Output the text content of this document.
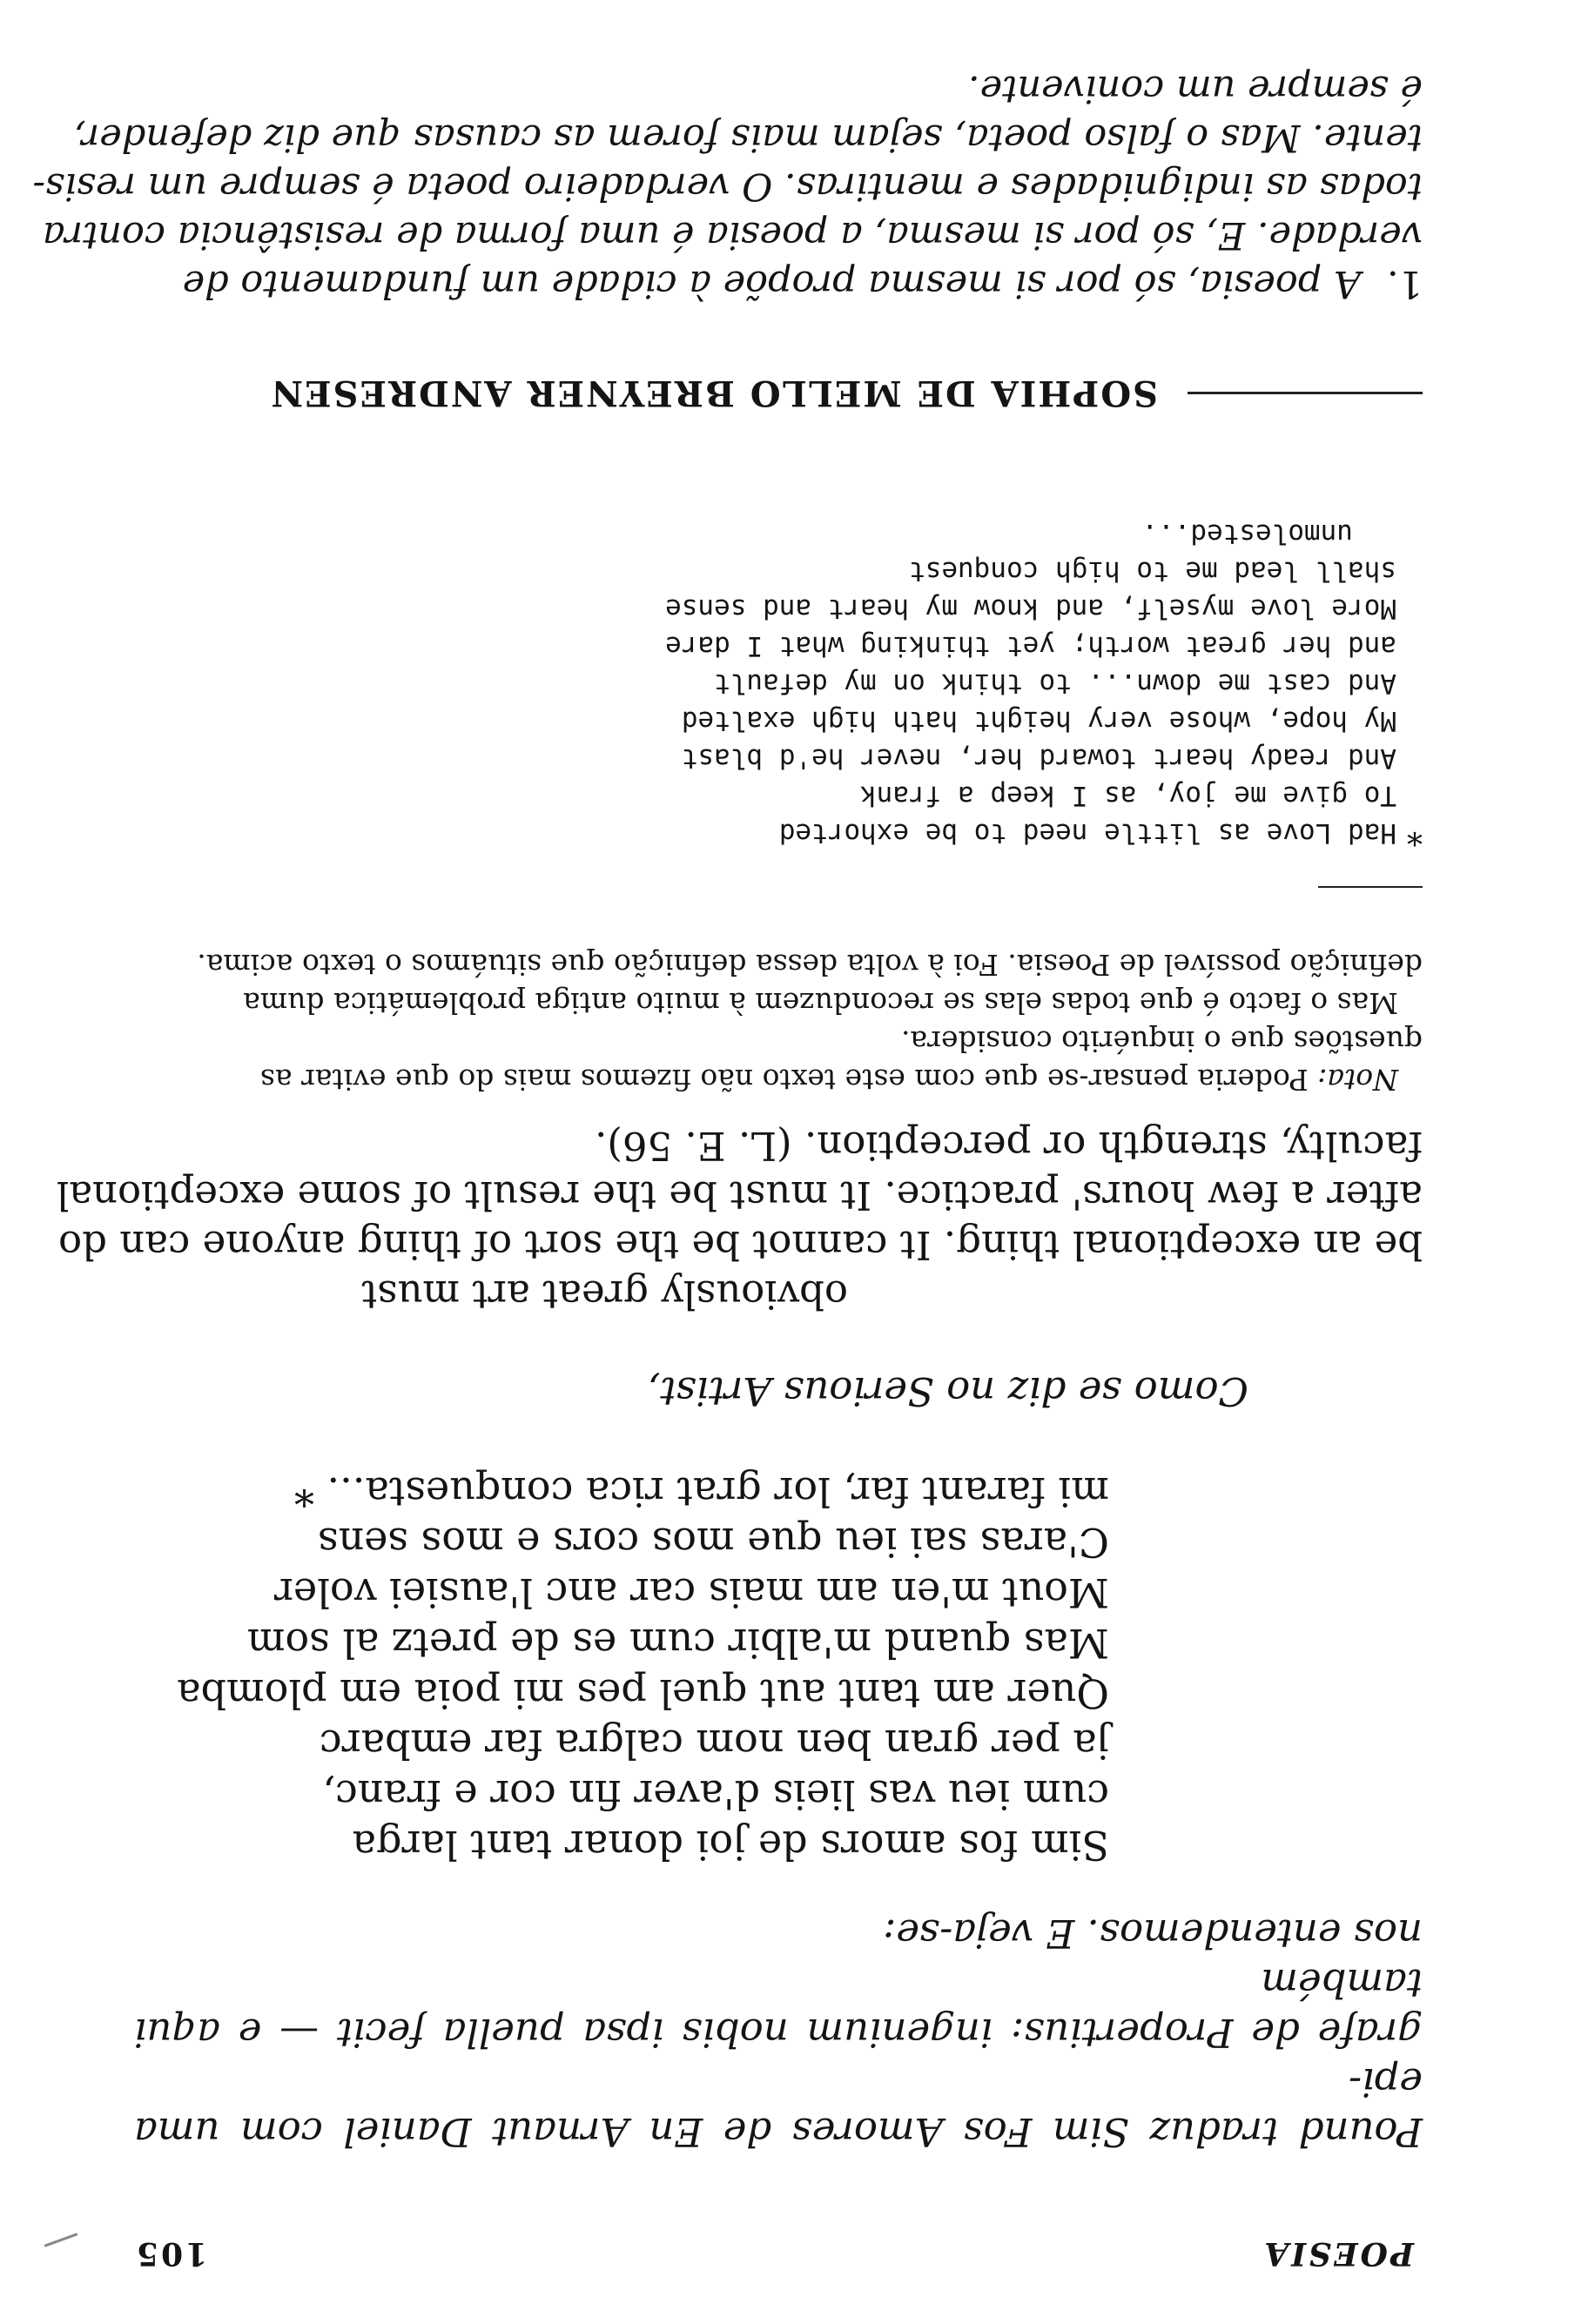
POESIA
105

Pound traduz Sim Fos Amores de En Arnaut Daniel com uma epi-
grafe de Propertius: ingenium nobis ipsa puella fecit — e aqui também
nos entendemos. E veja-se:

Sim fos amors de joi donar tant larga
cum ieu vas lieis d'aver fin cor e franc,
ja per gran ben nom calgra far embarc
Quer am tant aut quel pes mi poia em plomba
Mas quand m'albir cum es de pretz al som
Mout m'en am mais car anc l'ausiei voler
C'aras sai ieu que mos cors e mos sens
mi farant far, lor grat rica conquesta... *

Como se diz no Serious Artist,

obviously great art must
be an exceptional thing. It cannot be the sort of thing anyone can do
after a few hours' practice. It must be the result of some exceptional
faculty, strength or perception. (L. E. 56).
Nota: Poderia pensar-se que com este texto não fizemos mais do que evitar as
questões que o inquérito considera.
Mas o facto é que todas elas se reconduzem à muito antiga problemática duma
definição possível de Poesia. Foi à volta dessa definição que situámos o texto acima.
*
Had Love as little need to be exhorted
To give me joy, as I keep a frank
And ready heart toward her, never he'd blast
My hope, whose very height hath high exalted
And cast me down... to think on my default
and her great worth; yet thinking what I dare
More love myself, and know my heart and sense
shall lead me to high conquest
unmolested...
SOPHIA DE MELLO BREYNER ANDRESEN
1.A poesia, só por si mesma propõe à cidade um fundamento de
verdade. E, só por si mesma, a poesia é uma forma de resistência contra
todas as indignidades e mentiras. O verdadeiro poeta é sempre um resis-
tente. Mas o falso poeta, sejam mais forem as causas que diz defender,
é sempre um conivente.
